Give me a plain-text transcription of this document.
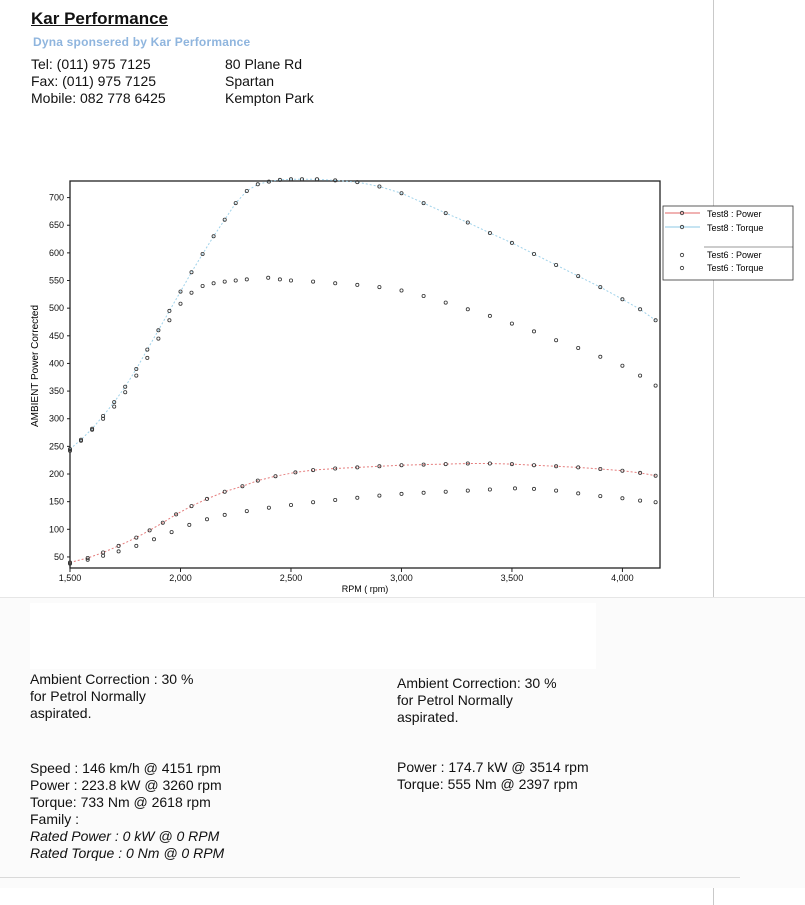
Kar Performance
Dyna sponsered by Kar Performance
Tel: (011) 975 7125
Fax: (011) 975 7125
Mobile: 082 778 6425
80 Plane Rd
Spartan
Kempton Park
1,500	2,000	2,500	3,000	3,500	4,000
50
100
150
200
250
300
350
400
450
500
550
600
650
700
RPM ( rpm)
AMBIENT Power Corrected
Test8 : Power
Test8 : Torque
Test6 : Power
Test6 : Torque
Ambient Correction : 30 %
for Petrol Normally
aspirated.
Speed : 146 km/h @ 4151 rpm
Power : 223.8 kW @ 3260 rpm
Torque: 733 Nm @ 2618 rpm
Family :
Rated Power : 0 kW @ 0 RPM
Rated Torque : 0 Nm @ 0 RPM
Ambient Correction: 30 %
for Petrol Normally
aspirated.
Power : 174.7 kW @ 3514 rpm
Torque: 555 Nm @ 2397 rpm
